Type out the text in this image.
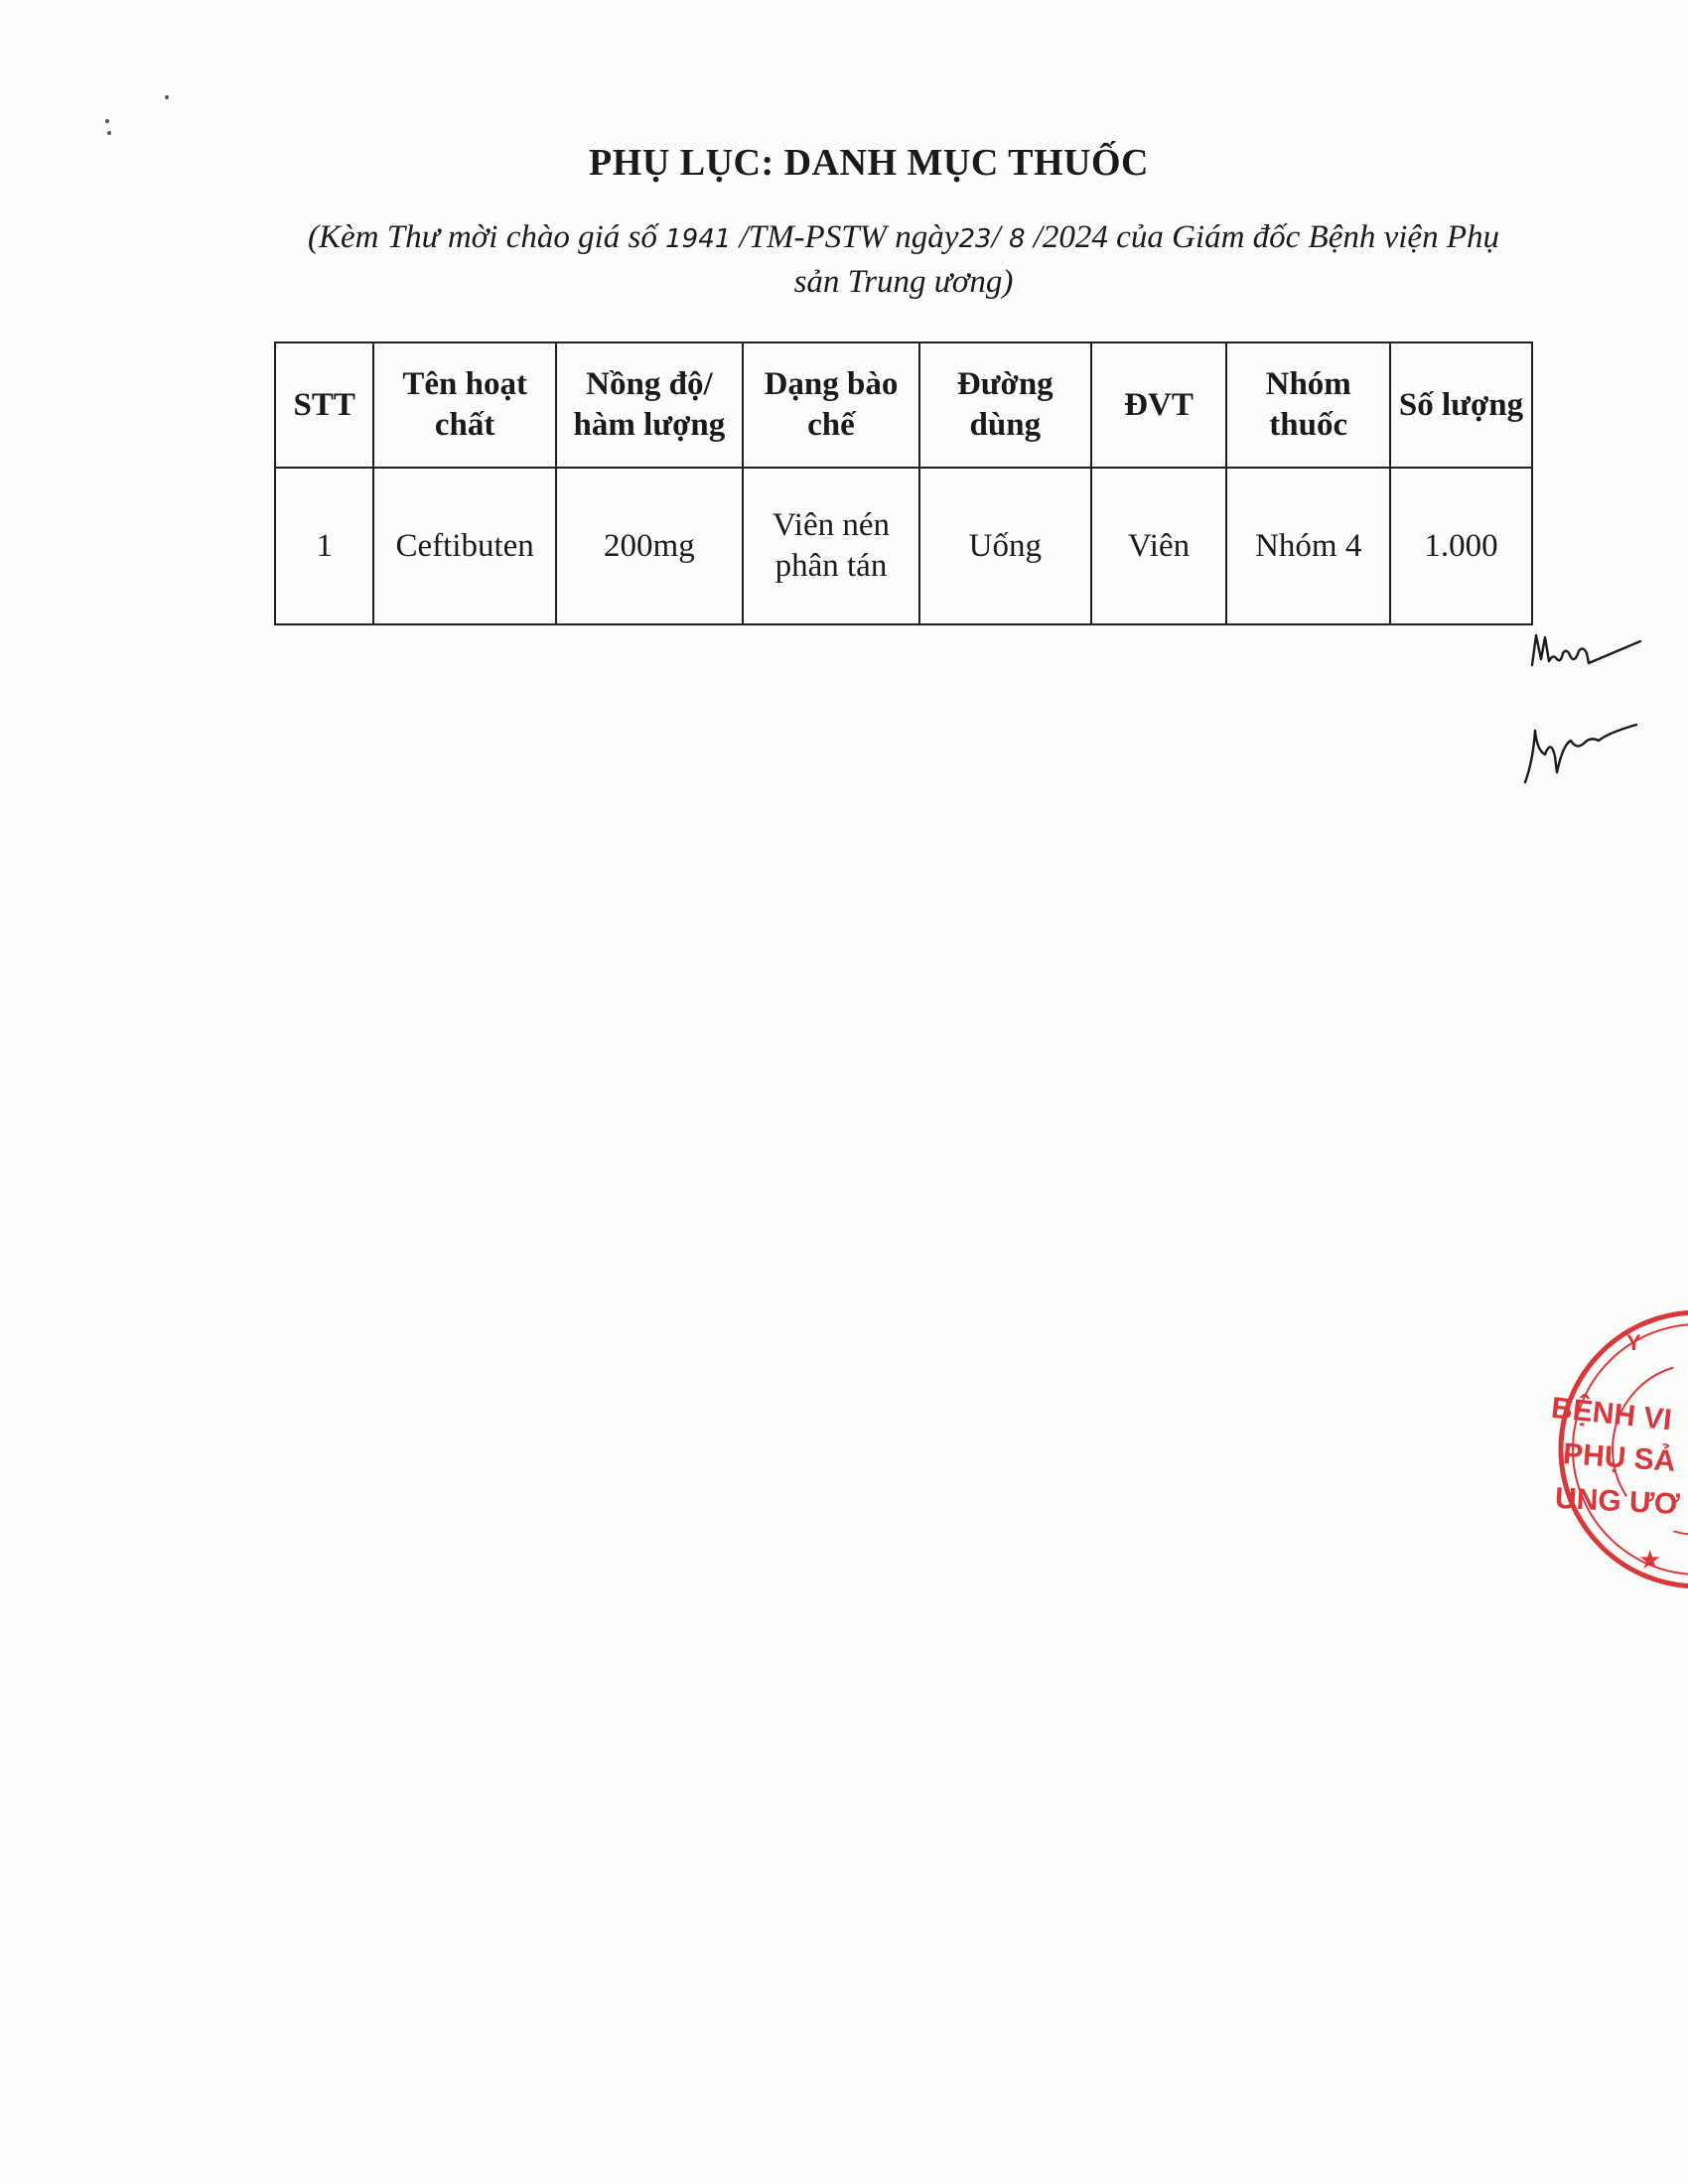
PHỤ LỤC: DANH MỤC THUỐC
(Kèm Thư mời chào giá số 1941 /TM-PSTW ngày23/ 8 /2024 của Giám đốc Bệnh viện Phụ sản Trung ương)
STT	Tên hoạt chất	Nồng độ/ hàm lượng	Dạng bào chế	Đường dùng	ĐVT	Nhóm thuốc	Số lượng
1	Ceftibuten	200mg	Viên nén phân tán	Uống	Viên	Nhóm 4	1.000
★
Y
BỆNH VI
PHỤ SẢ
UNG ƯƠ
